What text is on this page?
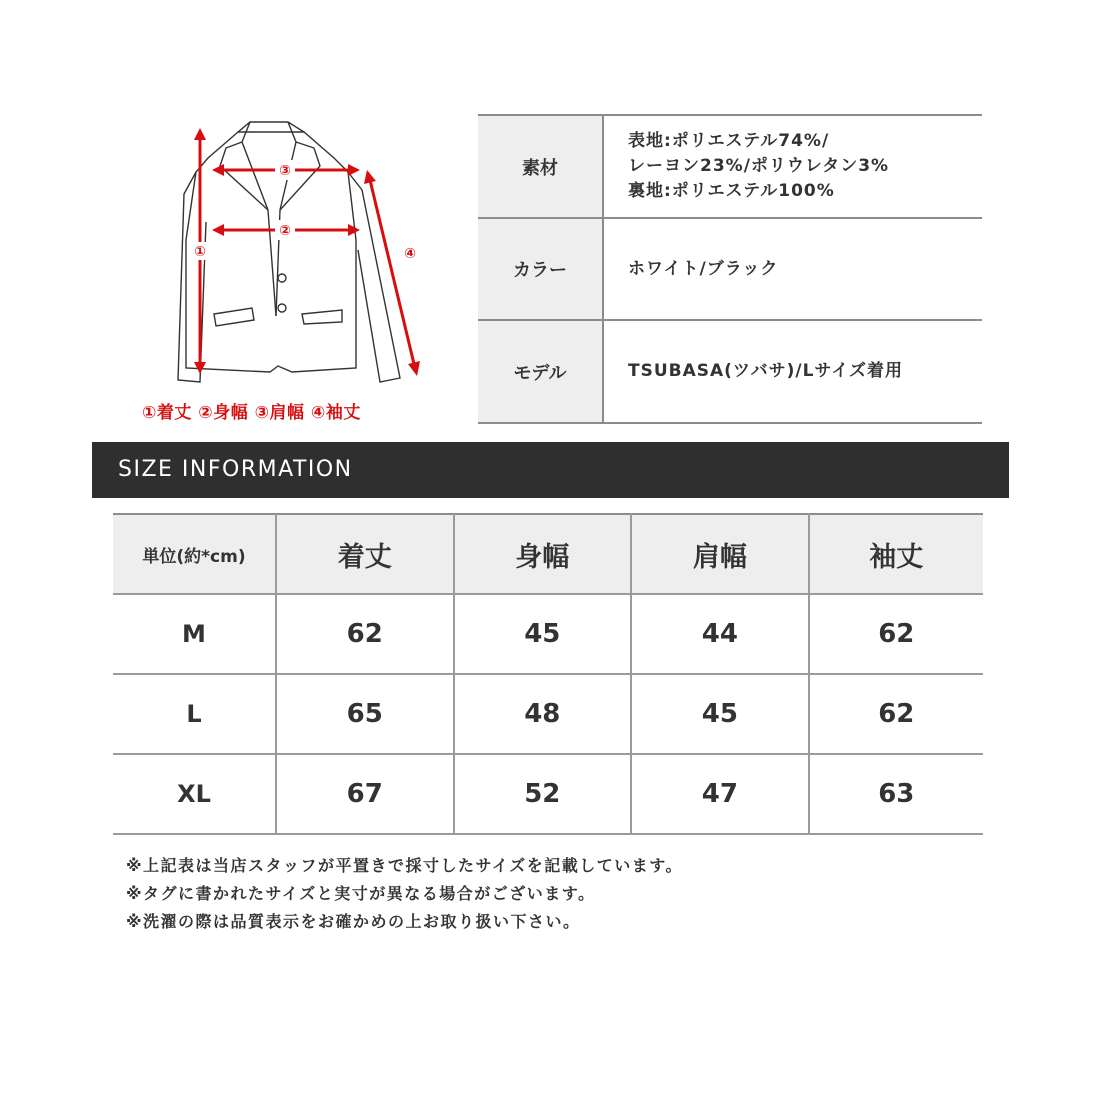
①
②
③
④
①着丈 ②身幅 ③肩幅 ④袖丈
素材	表地:ポリエステル74%/
レーヨン23%/ポリウレタン3%
裏地:ポリエステル100%

カラー	ホワイト/ブラック
モデル	TSUBASA(ツバサ)/Lサイズ着用
SIZE INFORMATION
単位(約*cm)	着丈	身幅	肩幅	袖丈
M	62	45	44	62
L	65	48	45	62
XL	67	52	47	63
※上記表は当店スタッフが平置きで採寸したサイズを記載しています。
※タグに書かれたサイズと実寸が異なる場合がございます。
※洗濯の際は品質表示をお確かめの上お取り扱い下さい。
